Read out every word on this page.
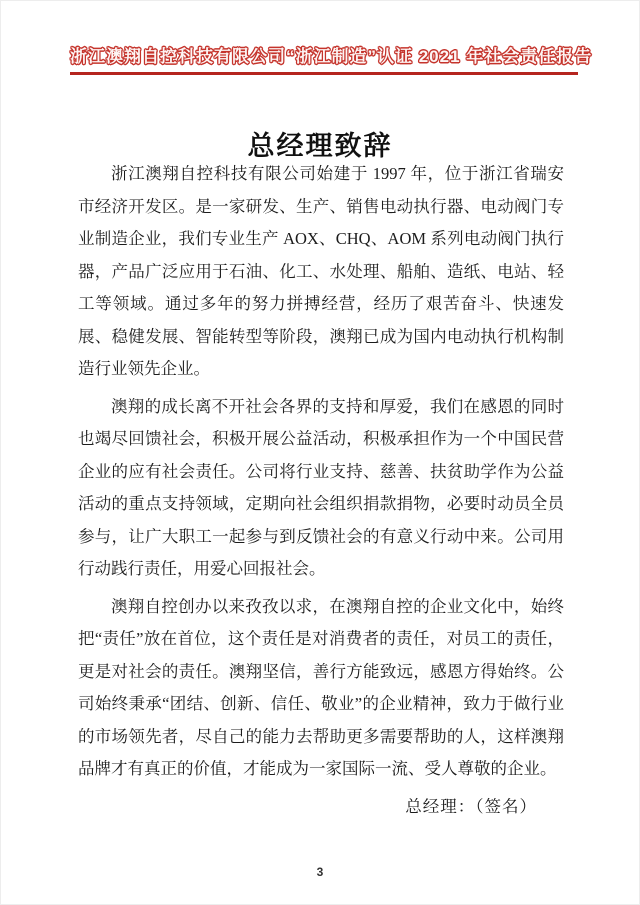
浙江澳翔自控科技有限公司 “浙江制造”认证 2021 年社会责任报告
总经理致辞

浙江澳翔自控科技有限公司始建于 1997 年，位于浙江省瑞安市经济开发区。是一家研发、生产、销售电动执行器、电动阀门专业制造企业，我们专业生产 AOX、CHQ、AOM 系列电动阀门执行器，产品广泛应用于石油、化工、水处理、船舶、造纸、电站、轻工等领域。通过多年的努力拼搏经营，经历了艰苦奋斗、快速发展、稳健发展、智能转型等阶段，澳翔已成为国内电动执行机构制造行业领先企业。

澳翔的成长离不开社会各界的支持和厚爱，我们在感恩的同时也竭尽回馈社会，积极开展公益活动，积极承担作为一个中国民营企业的应有社会责任。公司将行业支持、慈善、扶贫助学作为公益活动的重点支持领域，定期向社会组织捐款捐物，必要时动员全员参与，让广大职工一起参与到反馈社会的有意义行动中来。公司用行动践行责任，用爱心回报社会。

澳翔自控创办以来孜孜以求，在澳翔自控的企业文化中，始终把“责任”放在首位，这个责任是对消费者的责任，对员工的责任，更是对社会的责任。澳翔坚信，善行方能致远，感恩方得始终。公司始终秉承“团结、创新、信任、敬业”的企业精神，致力于做行业的市场领先者，尽自己的能力去帮助更多需要帮助的人，这样澳翔品牌才有真正的价值，才能成为一家国际一流、受人尊敬的企业。

总经理：（签名）
3
